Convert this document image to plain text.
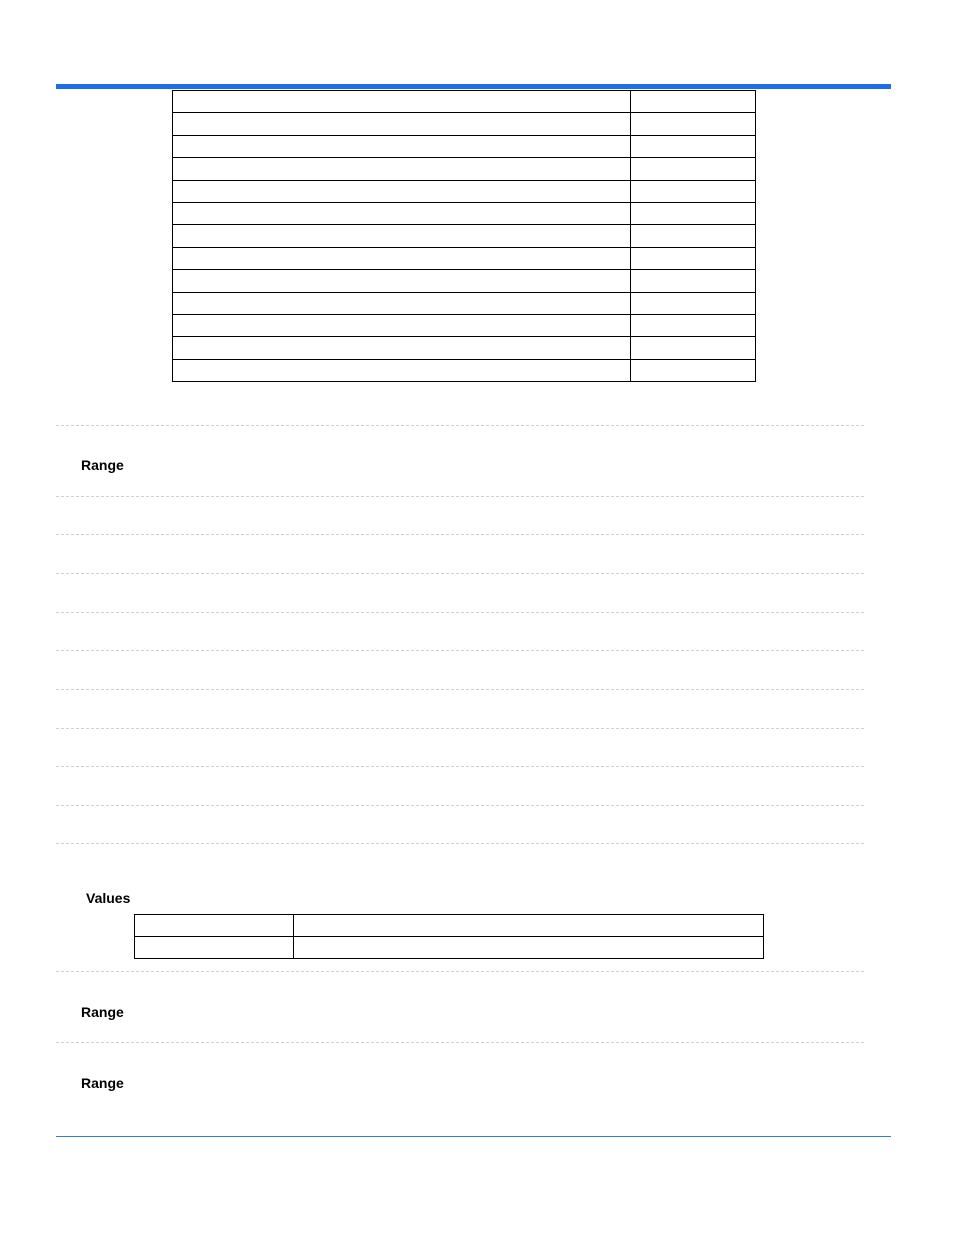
Range
Values

Range
Range
